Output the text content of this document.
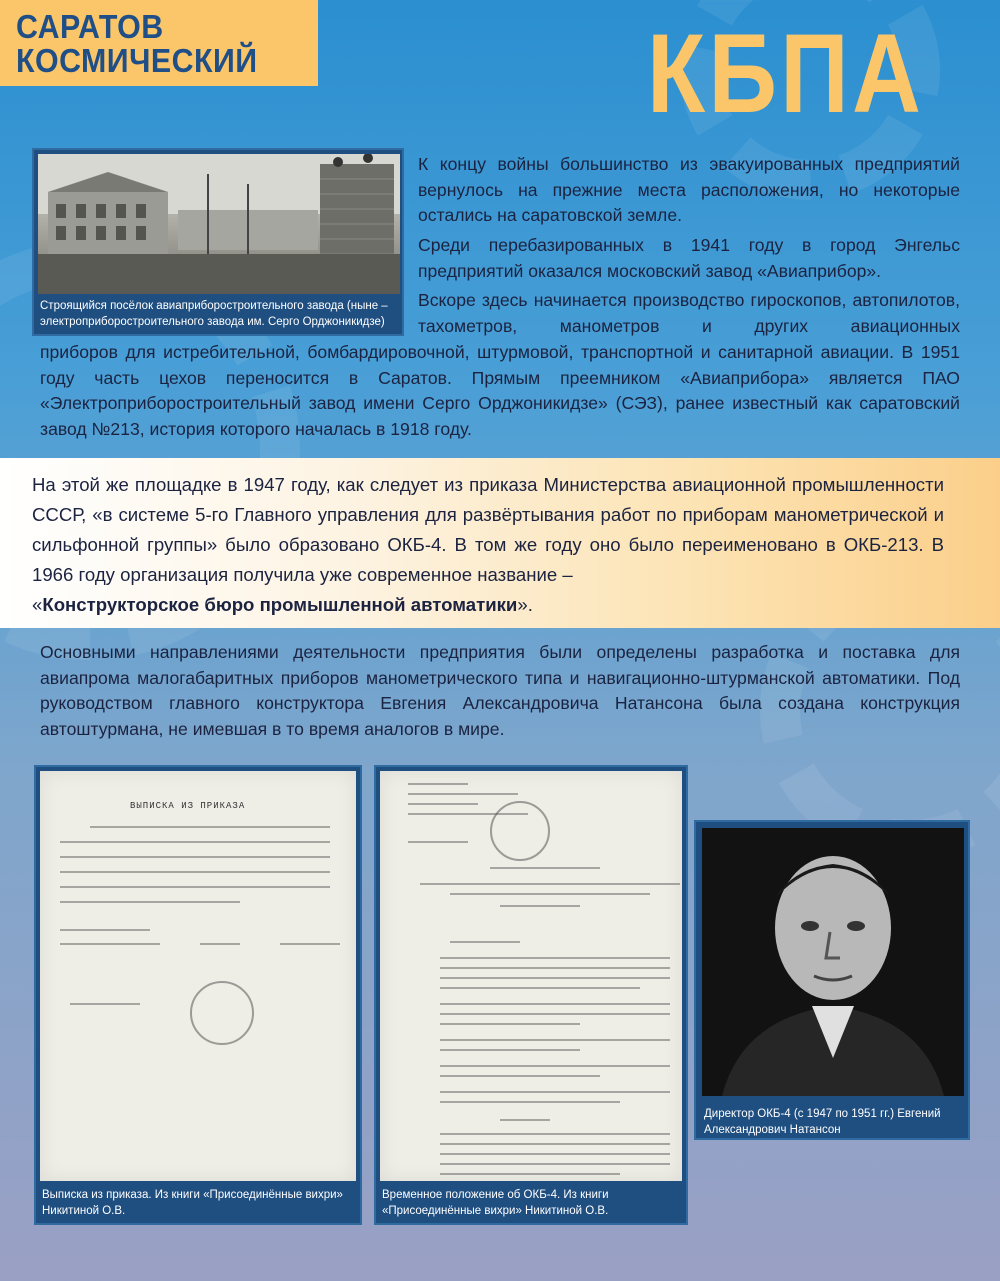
САРАТОВ
КОСМИЧЕСКИЙ	КБПА
Строящийся посёлок авиаприборостроительного завода (ныне – электроприборостроительного завода им. Серго Орджоникидзе)

К концу войны большинство из эвакуированных предприятий вернулось на прежние места расположения, но некоторые остались на саратовской земле.

Среди перебазированных в 1941 году в город Энгельс предприятий оказался московский завод «Авиаприбор».

Вскоре здесь начинается производство гироскопов, автопилотов, тахометров, манометров и других авиационных

приборов для истребительной, бомбардировочной, штурмовой, транспортной и санитарной авиации. В 1951 году часть цехов переносится в Саратов. Прямым преемником «Авиаприбора» является ПАО «Электроприборостроительный завод имени Серго Орджоникидзе» (СЭЗ), ранее известный как саратовский завод №213, история которого началась в 1918 году.

На этой же площадке в 1947 году, как следует из приказа Министерства авиационной промышленности СССР, «в системе 5-го Главного управления для развёртывания работ по приборам манометрической и сильфонной группы» было образовано ОКБ-4. В том же году оно было переименовано в ОКБ-213. В 1966 году организация получила уже современное название –
«Конструкторское бюро промышленной автоматики».

Основными направлениями деятельности предприятия были определены разработка и поставка для авиапрома малогабаритных приборов манометрического типа и навигационно-штурманской автоматики. Под руководством главного конструктора Евгения Александровича Натансона была создана конструкция автоштурмана, не имевшая в то время аналогов в мире.

ВЫПИСКА ИЗ ПРИКАЗА
Выписка из приказа. Из книги «Присоединённые вихри» Никитиной О.В.
Временное положение об ОКБ-4. Из книги «Присоединённые вихри» Никитиной О.В.
Директор ОКБ-4 (с 1947 по 1951 гг.) Евгений Александрович Натансон
